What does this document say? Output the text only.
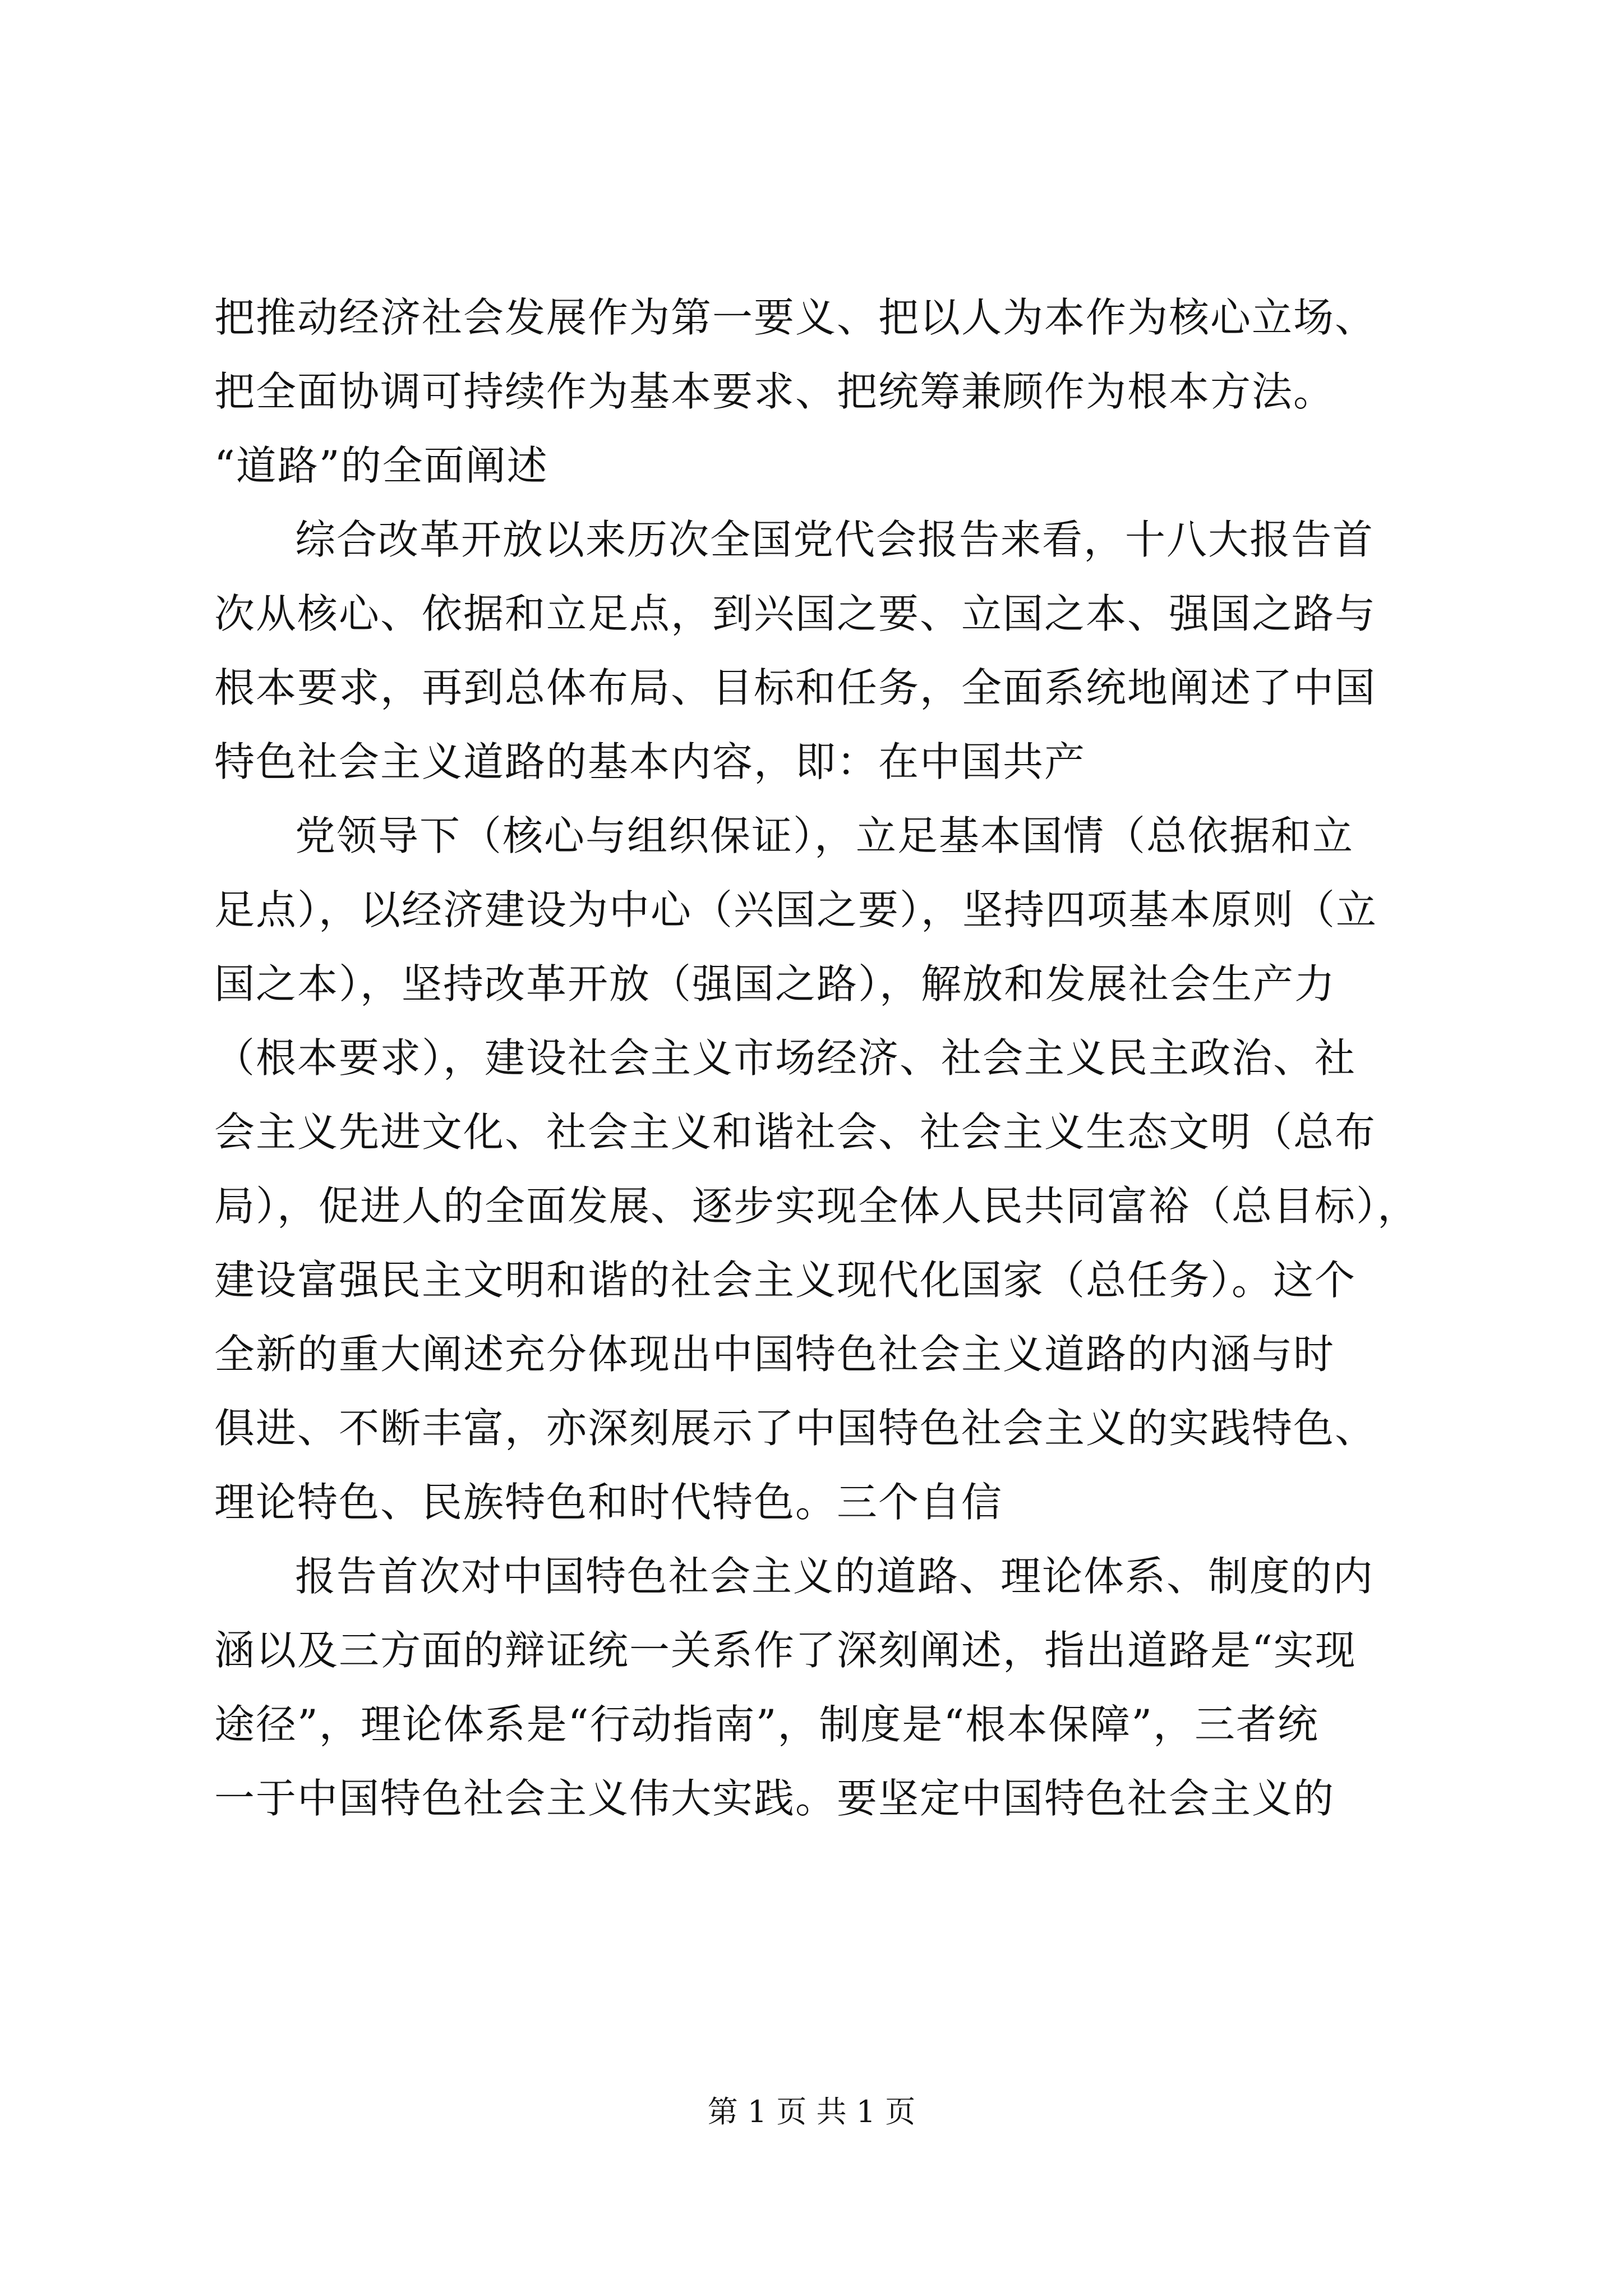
把推动经济社会发展作为第一要义、把以人为本作为核心立场、
把全面协调可持续作为基本要求、把统筹兼顾作为根本方法。
“道路”的全面阐述
综合改革开放以来历次全国党代会报告来看，十八大报告首
次从核心、依据和立足点，到兴国之要、立国之本、强国之路与
根本要求，再到总体布局、目标和任务，全面系统地阐述了中国
特色社会主义道路的基本内容，即：在中国共产
党领导下（核心与组织保证），立足基本国情（总依据和立
足点），以经济建设为中心（兴国之要），坚持四项基本原则（立
国之本），坚持改革开放（强国之路），解放和发展社会生产力
（根本要求），建设社会主义市场经济、社会主义民主政治、社
会主义先进文化、社会主义和谐社会、社会主义生态文明（总布
局），促进人的全面发展、逐步实现全体人民共同富裕（总目标），
建设富强民主文明和谐的社会主义现代化国家（总任务）。这个
全新的重大阐述充分体现出中国特色社会主义道路的内涵与时
俱进、不断丰富，亦深刻展示了中国特色社会主义的实践特色、
理论特色、民族特色和时代特色。三个自信
报告首次对中国特色社会主义的道路、理论体系、制度的内
涵以及三方面的辩证统一关系作了深刻阐述，指出道路是“实现
途径”，理论体系是“行动指南”，制度是“根本保障”，三者统
一于中国特色社会主义伟大实践。要坚定中国特色社会主义的
第 1 页 共 1 页
